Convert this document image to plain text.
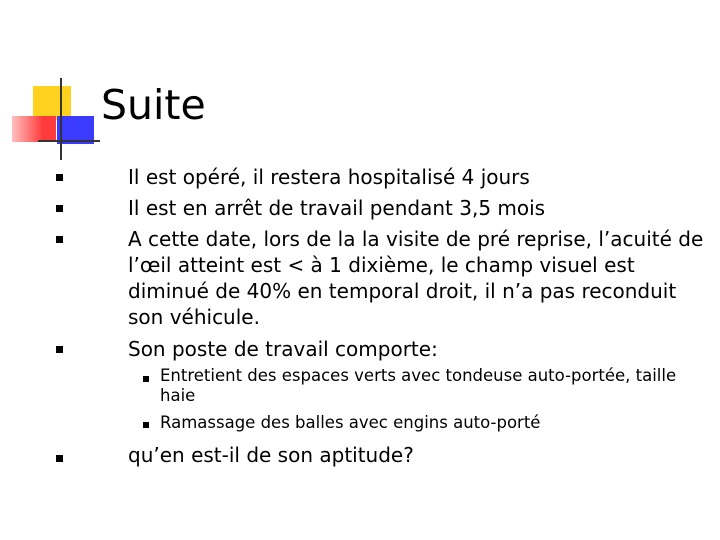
Suite
Il est opéré, il restera hospitalisé 4 jours
Il est en arrêt de travail pendant 3,5 mois
A cette date, lors de la la visite de pré reprise, l’acuité de l’œil atteint est < à 1 dixième, le champ visuel est diminué de 40% en temporal droit, il n’a pas reconduit son véhicule.
Son poste de travail comporte:
Entretient des espaces verts avec tondeuse auto-portée, taille haie
Ramassage des balles avec engins auto-porté
qu’en est-il de son aptitude?
